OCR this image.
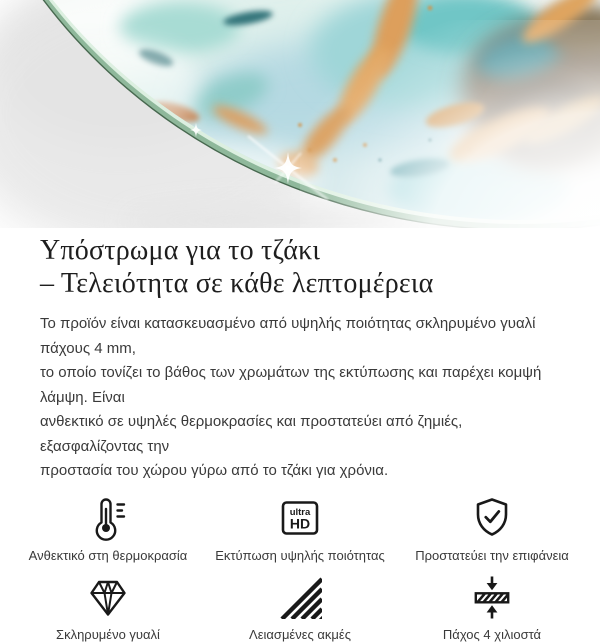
Υπόστρωμα για το τζάκι
– Τελειότητα σε κάθε λεπτομέρεια
Το προϊόν είναι κατασκευασμένο από υψηλής ποιότητας σκληρυμένο γυαλί πάχους 4 mm,
το οποίο τονίζει το βάθος των χρωμάτων της εκτύπωσης και παρέχει κομψή λάμψη. Είναι
ανθεκτικό σε υψηλές θερμοκρασίες και προστατεύει από ζημιές, εξασφαλίζοντας την
προστασία του χώρου γύρω από το τζάκι για χρόνια.
Ανθεκτικό στη θερμοκρασία
ultra
HD
Εκτύπωση υψηλής ποιότητας Προστατεύει την επιφάνεια
Σκληρυμένο γυαλί	Λειασμένες ακμές	Πάχος 4 χιλιοστά
